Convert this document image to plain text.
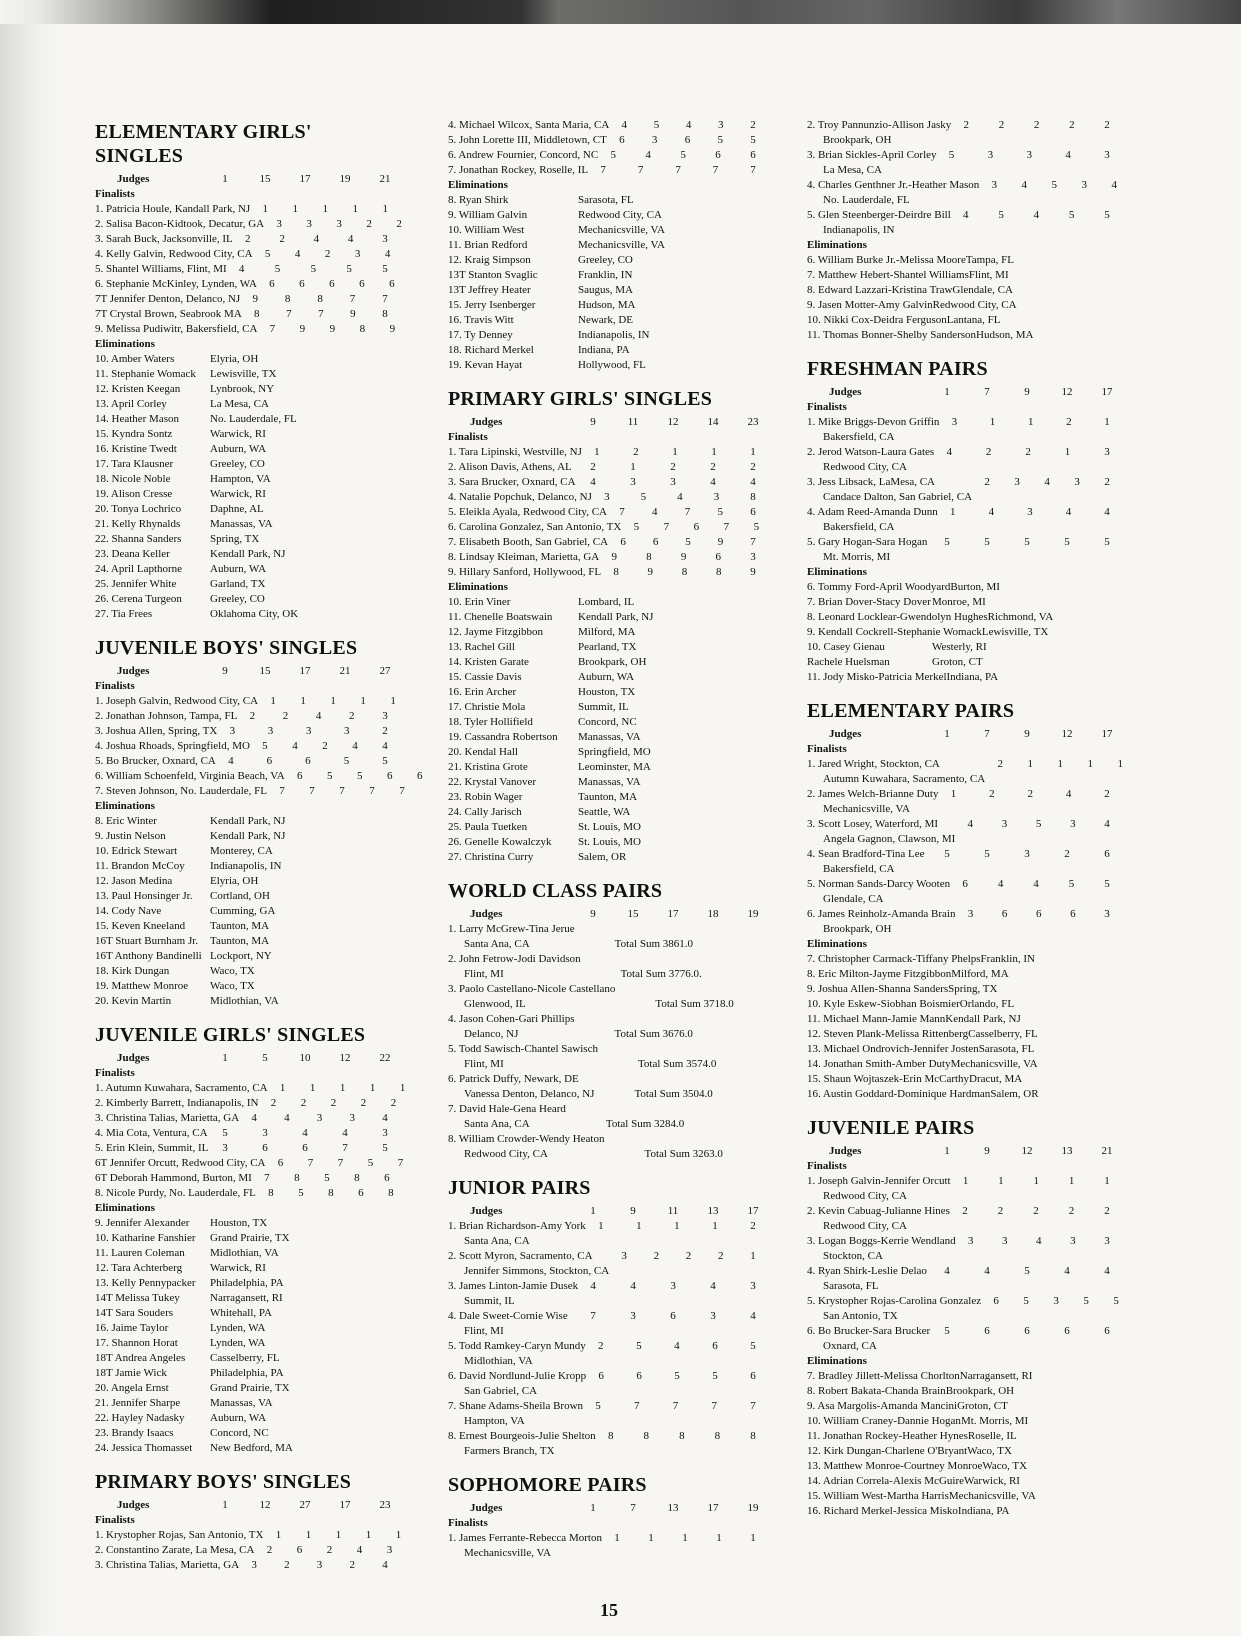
ELEMENTARY GIRLS' SINGLES
Judges	1	15	17	19	21
Finalists
1. Patricia Houle, Kandall Park, NJ	1	1	1	1	1
2. Salisa Bacon-Kidtook, Decatur, GA	3	3	3	2	2
3. Sarah Buck, Jacksonville, IL	2	2	4	4	3
4. Kelly Galvin, Redwood City, CA	5	4	2	3	4
5. Shantel Williams, Flint, MI	4	5	5	5	5
6. Stephanie McKinley, Lynden, WA	6	6	6	6	6
7T Jennifer Denton, Delanco, NJ	9	8	8	7	7
7T Crystal Brown, Seabrook MA	8	7	7	9	8
9. Melissa Pudiwitr, Bakersfield, CA	7	9	9	8	9
Eliminations
10. Amber Waters	Elyria, OH
11. Stephanie Womack	Lewisville, TX
12. Kristen Keegan	Lynbrook, NY
13. April Corley	La Mesa, CA
14. Heather Mason	No. Lauderdale, FL
15. Kyndra Sontz	Warwick, RI
16. Kristine Twedt	Auburn, WA
17. Tara Klausner	Greeley, CO
18. Nicole Noble	Hampton, VA
19. Alison Cresse	Warwick, RI
20. Tonya Lochrico	Daphne, AL
21. Kelly Rhynalds	Manassas, VA
22. Shanna Sanders	Spring, TX
23. Deana Keller	Kendall Park, NJ
24. April Lapthorne	Auburn, WA
25. Jennifer White	Garland, TX
26. Cerena Turgeon	Greeley, CO
27. Tia Frees	Oklahoma City, OK
JUVENILE BOYS' SINGLES
Judges	9	15	17	21	27
Finalists
1. Joseph Galvin, Redwood City, CA	1	1	1	1	1
2. Jonathan Johnson, Tampa, FL	2	2	4	2	3
3. Joshua Allen, Spring, TX	3	3	3	3	2
4. Joshua Rhoads, Springfield, MO	5	4	2	4	4
5. Bo Brucker, Oxnard, CA	4	6	6	5	5
6. William Schoenfeld, Virginia Beach, VA	6	5	5	6	6
7. Steven Johnson, No. Lauderdale, FL	7	7	7	7	7
Eliminations
8. Eric Winter	Kendall Park, NJ
9. Justin Nelson	Kendall Park, NJ
10. Edrick Stewart	Monterey, CA
11. Brandon McCoy	Indianapolis, IN
12. Jason Medina	Elyria, OH
13. Paul Honsinger Jr.	Cortland, OH
14. Cody Nave	Cumming, GA
15. Keven Kneeland	Taunton, MA
16T Stuart Burnham Jr.	Taunton, MA
16T Anthony Bandinelli Lockport, NY
18. Kirk Dungan	Waco, TX
19. Matthew Monroe	Waco, TX
20. Kevin Martin	Midlothian, VA
JUVENILE GIRLS' SINGLES
Judges	1	5	10	12	22
Finalists
1. Autumn Kuwahara, Sacramento, CA	1	1	1	1	1
2. Kimberly Barrett, Indianapolis, IN	2	2	2	2	2
3. Christina Talias, Marietta, GA	4	4	3	3	4
4. Mia Cota, Ventura, CA	5	3	4	4	3
5. Erin Klein, Summit, IL	3	6	6	7	5
6T Jennifer Orcutt, Redwood City, CA	6	7	7	5	7
6T Deborah Hammond, Burton, MI	7	8	5	8	6
8. Nicole Purdy, No. Lauderdale, FL	8	5	8	6	8
Eliminations
9. Jennifer Alexander	Houston, TX
10. Katharine Fanshier	Grand Prairie, TX
11. Lauren Coleman	Midlothian, VA
12. Tara Achterberg	Warwick, RI
13. Kelly Pennypacker	Philadelphia, PA
14T Melissa Tukey	Narragansett, RI
14T Sara Souders	Whitehall, PA
16. Jaime Taylor	Lynden, WA
17. Shannon Horat	Lynden, WA
18T Andrea Angeles	Casselberry, FL
18T Jamie Wick	Philadelphia, PA
20. Angela Ernst	Grand Prairie, TX
21. Jennifer Sharpe	Manassas, VA
22. Hayley Nadasky	Auburn, WA
23. Brandy Isaacs	Concord, NC
24. Jessica Thomasset	New Bedford, MA
PRIMARY BOYS' SINGLES
Judges	1	12	27	17	23
Finalists
1. Krystopher Rojas, San Antonio, TX	1	1	1	1	1
2. Constantino Zarate, La Mesa, CA	2	6	2	4	3
3. Christina Talias, Marietta, GA	3	2	3	2	4
4. Michael Wilcox, Santa Maria, CA	4	5	4	3	2
5. John Lorette III, Middletown, CT	6	3	6	5	5
6. Andrew Fournier, Concord, NC	5	4	5	6	6
7. Jonathan Rockey, Roselle, IL	7	7	7	7	7
Eliminations
8. Ryan Shirk	Sarasota, FL
9. William Galvin	Redwood City, CA
10. William West	Mechanicsville, VA
11. Brian Redford	Mechanicsville, VA
12. Kraig Simpson	Greeley, CO
13T Stanton Svaglic	Franklin, IN
13T Jeffrey Heater	Saugus, MA
15. Jerry Isenberger	Hudson, MA
16. Travis Witt	Newark, DE
17. Ty Denney	Indianapolis, IN
18. Richard Merkel	Indiana, PA
19. Kevan Hayat	Hollywood, FL
PRIMARY GIRLS' SINGLES
Judges	9	11	12	14	23
Finalists
1. Tara Lipinski, Westville, NJ	1	2	1	1	1
2. Alison Davis, Athens, AL	2	1	2	2	2
3. Sara Brucker, Oxnard, CA	4	3	3	4	4
4. Natalie Popchuk, Delanco, NJ	3	5	4	3	8
5. Eleikla Ayala, Redwood City, CA	7	4	7	5	6
6. Carolina Gonzalez, San Antonio, TX	5	7	6	7	5
7. Elisabeth Booth, San Gabriel, CA	6	6	5	9	7
8. Lindsay Kleiman, Marietta, GA	9	8	9	6	3
9. Hillary Sanford, Hollywood, FL	8	9	8	8	9
Eliminations
10. Erin Viner	Lombard, IL
11. Chenelle Boatswain	Kendall Park, NJ
12. Jayme Fitzgibbon	Milford, MA
13. Rachel Gill	Pearland, TX
14. Kristen Garate	Brookpark, OH
15. Cassie Davis	Auburn, WA
16. Erin Archer	Houston, TX
17. Christie Mola	Summit, IL
18. Tyler Hollifield	Concord, NC
19. Cassandra Robertson	Manassas, VA
20. Kendal Hall	Springfield, MO
21. Kristina Grote	Leominster, MA
22. Krystal Vanover	Manassas, VA
23. Robin Wager	Taunton, MA
24. Cally Jarisch	Seattle, WA
25. Paula Tuetken	St. Louis, MO
26. Genelle Kowalczyk	St. Louis, MO
27. Christina Curry	Salem, OR
WORLD CLASS PAIRS
Judges	9	15	17	18	19
1. Larry McGrew-Tina Jerue
Santa Ana, CA	Total Sum 3861.0
2. John Fetrow-Jodi Davidson
Flint, MI	Total Sum 3776.0.
3. Paolo Castellano-Nicole Castellano
Glenwood, IL	Total Sum 3718.0
4. Jason Cohen-Gari Phillips
Delanco, NJ	Total Sum 3676.0
5. Todd Sawisch-Chantel Sawisch
Flint, MI	Total Sum 3574.0
6. Patrick Duffy, Newark, DE
Vanessa Denton, Delanco, NJ	Total Sum 3504.0
7. David Hale-Gena Heard
Santa Ana, CA	Total Sum 3284.0
8. William Crowder-Wendy Heaton
Redwood City, CA	Total Sum 3263.0
JUNIOR PAIRS
Judges	1	9	11	13	17
1. Brian Richardson-Amy York
Santa Ana, CA
1	1	1	1	2
2. Scott Myron, Sacramento, CA
Jennifer Simmons, Stockton, CA
3	2	2	2	1
3. James Linton-Jamie Dusek
Summit, IL
4	4	3	4	3
4. Dale Sweet-Cornie Wise
Flint, MI
7	3	6	3	4
5. Todd Ramkey-Caryn Mundy
Midlothian, VA
2	5	4	6	5
6. David Nordlund-Julie Kropp
San Gabriel, CA
6	6	5	5	6
7. Shane Adams-Sheila Brown
Hampton, VA
5	7	7	7	7
8. Ernest Bourgeois-Julie Shelton
Farmers Branch, TX
8	8	8	8	8
SOPHOMORE PAIRS
Judges	1	7	13	17	19
Finalists
1. James Ferrante-Rebecca Morton
Mechanicsville, VA
1	1	1	1	1
2. Troy Pannunzio-Allison Jasky
Brookpark, OH
2	2	2	2	2
3. Brian Sickles-April Corley
La Mesa, CA
5	3	3	4	3
4. Charles Genthner Jr.-Heather Mason
No. Lauderdale, FL
3	4	5	3	4
5. Glen Steenberger-Deirdre Bill
Indianapolis, IN
4	5	4	5	5
Eliminations
6. William Burke Jr.-Melissa Moore Tampa, FL
7. Matthew Hebert-Shantel Williams Flint, MI
8. Edward Lazzari-Kristina Traw Glendale, CA
9. Jasen Motter-Amy Galvin Redwood City, CA
10. Nikki Cox-Deidra Ferguson Lantana, FL
11. Thomas Bonner-Shelby Sanderson Hudson, MA
FRESHMAN PAIRS
Judges	1	7	9	12	17
Finalists
1. Mike Briggs-Devon Griffin
Bakersfield, CA
3	1	1	2	1
2. Jerod Watson-Laura Gates
Redwood City, CA
4	2	2	1	3
3. Jess Libsack, LaMesa, CA
Candace Dalton, San Gabriel, CA
2	3	4	3	2
4. Adam Reed-Amanda Dunn
Bakersfield, CA
1	4	3	4	4
5. Gary Hogan-Sara Hogan
Mt. Morris, MI
5	5	5	5	5
Eliminations
6. Tommy Ford-April Woodyard Burton, MI
7. Brian Dover-Stacy Dover Monroe, MI
8. Leonard Locklear-Gwendolyn Hughes Richmond, VA
9. Kendall Cockrell-Stephanie Womack Lewisville, TX
10. Casey Gienau	Westerly, RI
Rachele Huelsman	Groton, CT
11. Jody Misko-Patricia Merkel Indiana, PA
ELEMENTARY PAIRS
Judges	1	7	9	12	17
Finalists
1. Jared Wright, Stockton, CA
Autumn Kuwahara, Sacramento, CA
2	1	1	1	1
2. James Welch-Brianne Duty
Mechanicsville, VA
1	2	2	4	2
3. Scott Losey, Waterford, MI
Angela Gagnon, Clawson, MI
4	3	5	3	4
4. Sean Bradford-Tina Lee
Bakersfield, CA
5	5	3	2	6
5. Norman Sands-Darcy Wooten
Glendale, CA
6	4	4	5	5
6. James Reinholz-Amanda Brain
Brookpark, OH
3	6	6	6	3
Eliminations
7. Christopher Carmack-Tiffany Phelps Franklin, IN
8. Eric Milton-Jayme Fitzgibbon Milford, MA
9. Joshua Allen-Shanna Sanders Spring, TX
10. Kyle Eskew-Siobhan Boismier Orlando, FL
11. Michael Mann-Jamie Mann Kendall Park, NJ
12. Steven Plank-Melissa Rittenberg Casselberry, FL
13. Michael Ondrovich-Jennifer Josten Sarasota, FL
14. Jonathan Smith-Amber Duty Mechanicsville, VA
15. Shaun Wojtaszek-Erin McCarthy Dracut, MA
16. Austin Goddard-Dominique Hardman Salem, OR
JUVENILE PAIRS
Judges	1	9	12	13	21
Finalists
1. Joseph Galvin-Jennifer Orcutt
Redwood City, CA
1	1	1	1	1
2. Kevin Cabuag-Julianne Hines
Redwood City, CA
2	2	2	2	2
3. Logan Boggs-Kerrie Wendland
Stockton, CA
3	3	4	3	3
4. Ryan Shirk-Leslie Delao
Sarasota, FL
4	4	5	4	4
5. Krystopher Rojas-Carolina Gonzalez
San Antonio, TX
6	5	3	5	5
6. Bo Brucker-Sara Brucker
Oxnard, CA
5	6	6	6	6
Eliminations
7. Bradley Jillett-Melissa Chorlton Narragansett, RI
8. Robert Bakata-Chanda Brain Brookpark, OH
9. Asa Margolis-Amanda Mancini Groton, CT
10. William Craney-Dannie Hogan Mt. Morris, MI
11. Jonathan Rockey-Heather Hynes Roselle, IL
12. Kirk Dungan-Charlene O'Bryant Waco, TX
13. Matthew Monroe-Courtney Monroe Waco, TX
14. Adrian Correla-Alexis McGuire Warwick, RI
15. William West-Martha Harris Mechanicsville, VA
16. Richard Merkel-Jessica Misko Indiana, PA
15
